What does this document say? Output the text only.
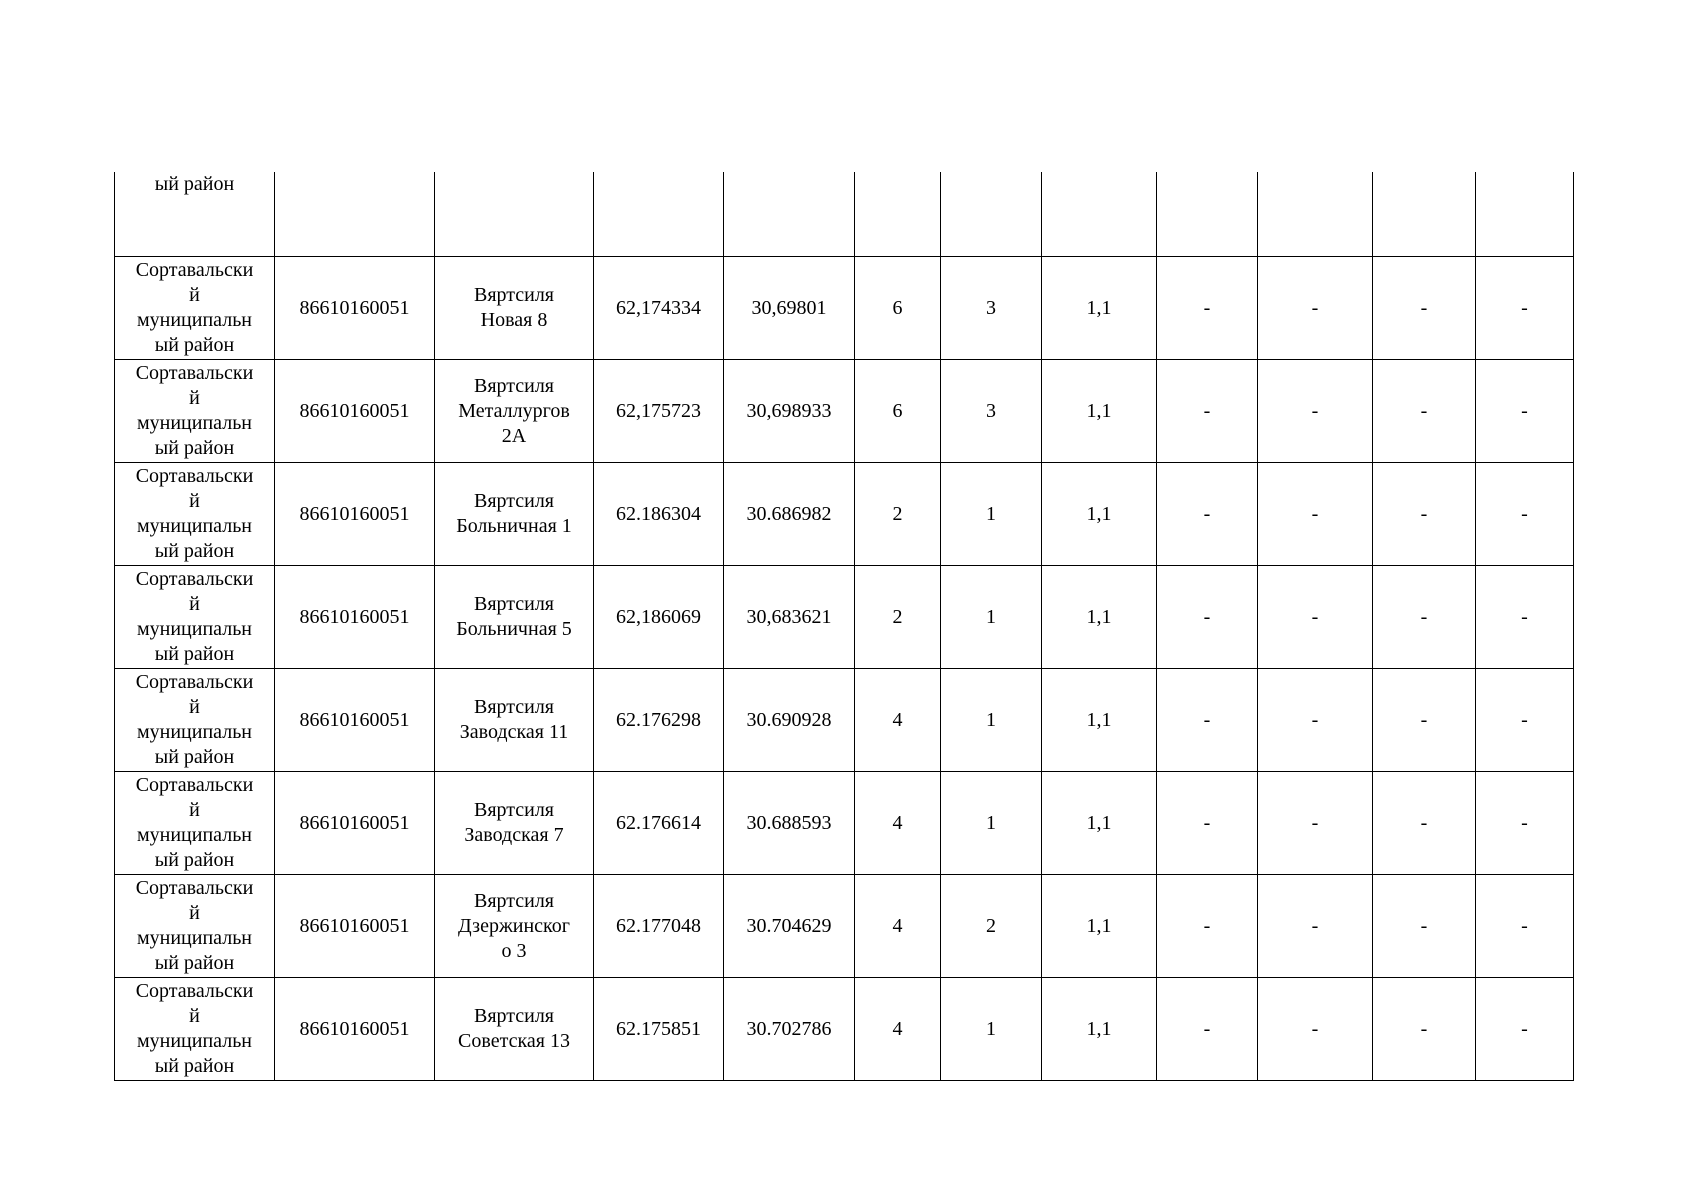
ый район											

Сортавальски
й
муниципальн
ый район	86610160051	Вяртсиля
Новая 8	62,174334	30,69801	6	3	1,1	-	-	-	-

Сортавальски
й
муниципальн
ый район	86610160051	Вяртсиля
Металлургов
2А	62,175723	30,698933	6	3	1,1	-	-	-	-

Сортавальски
й
муниципальн
ый район	86610160051	Вяртсиля
Больничная 1	62.186304	30.686982	2	1	1,1	-	-	-	-

Сортавальски
й
муниципальн
ый район	86610160051	Вяртсиля
Больничная 5	62,186069	30,683621	2	1	1,1	-	-	-	-

Сортавальски
й
муниципальн
ый район	86610160051	Вяртсиля
Заводская 11	62.176298	30.690928	4	1	1,1	-	-	-	-

Сортавальски
й
муниципальн
ый район	86610160051	Вяртсиля
Заводская 7	62.176614	30.688593	4	1	1,1	-	-	-	-

Сортавальски
й
муниципальн
ый район	86610160051	Вяртсиля
Дзержинског
о 3	62.177048	30.704629	4	2	1,1	-	-	-	-

Сортавальски
й
муниципальн
ый район	86610160051	Вяртсиля
Советская 13	62.175851	30.702786	4	1	1,1	-	-	-	-
